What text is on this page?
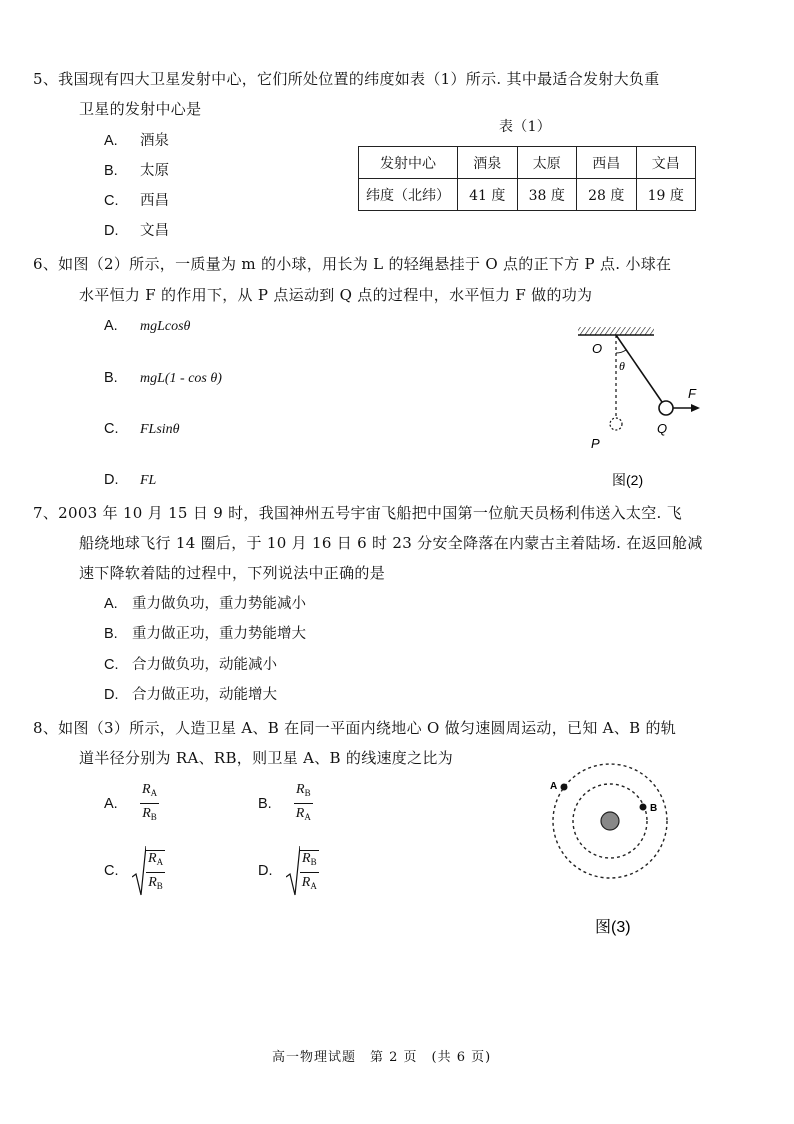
5、我国现有四大卫星发射中心，它们所处位置的纬度如表（1）所示. 其中最适合发射大负重
卫星的发射中心是
A. 酒泉
B. 太原
C. 西昌
D. 文昌
表（1）
发射中心	酒泉	太原	西昌	文昌
纬度（北纬）	41 度	38 度	28 度	19 度
6、如图（2）所示，一质量为 m 的小球，用长为 L 的轻绳悬挂于 O 点的正下方 P 点. 小球在
水平恒力 F 的作用下，从 P 点运动到 Q 点的过程中，水平恒力 F 做的功为
A. mgLcosθ
B. mgL(1 - cos θ)
C. FLsinθ
D. FL
O
θ
P
Q
F
图(2)
7、2003 年 10 月 15 日 9 时，我国神州五号宇宙飞船把中国第一位航天员杨利伟送入太空. 飞
船绕地球飞行 14 圈后，于 10 月 16 日 6 时 23 分安全降落在内蒙古主着陆场. 在返回舱减
速下降软着陆的过程中，下列说法中正确的是
A. 重力做负功，重力势能减小
B. 重力做正功，重力势能增大
C. 合力做负功，动能减小
D. 合力做正功，动能增大
8、如图（3）所示，人造卫星 A、B 在同一平面内绕地心 O 做匀速圆周运动，已知 A、B 的轨
道半径分别为 RA、RB，则卫星 A、B 的线速度之比为
A.	$\frac{R_A}{R_B}$	B.	$\frac{R_B}{R_A}$
C.	$\frac{R_A}{R_B}$	D.	$\frac{R_B}{R_A}$
A
B
图(3)
高一物理试题　第 2 页　(共 6 页)
